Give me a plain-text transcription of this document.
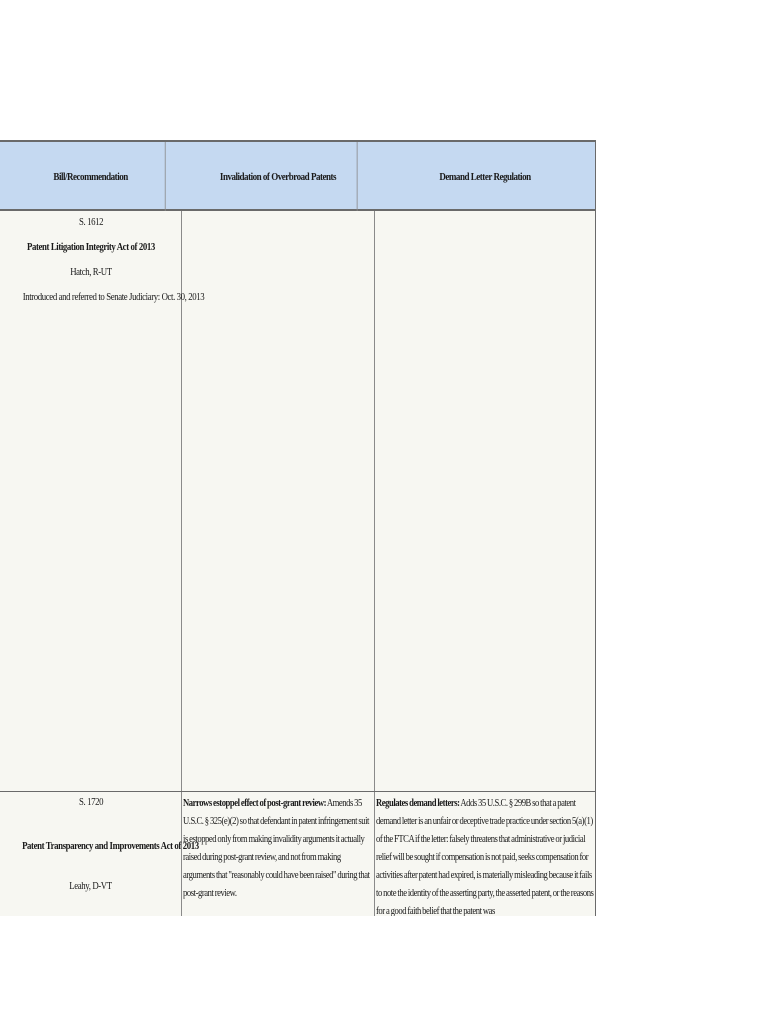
Bill/Recommendation	Invalidation of Overbroad Patents	Demand Letter Regulation
S. 1612
Patent Litigation Integrity Act of 2013
Hatch, R-UT
Introduced and referred to Senate Judiciary: Oct. 30, 2013
S. 1720
Patent Transparency and Improvements Act of 2013
Leahy, D-VT
Narrows estoppel effect of post-grant review: Amends 35 U.S.C. § 325(e)(2) so that defendant in patent infringement suit is estopped only from making invalidity arguments it actually raised during post-grant review, and not from making arguments that "reasonably could have been raised" during that post-grant review.
Regulates demand letters: Adds 35 U.S.C. § 299B so that a patent demand letter is an unfair or deceptive trade practice under section 5(a)(1) of the FTCA if the letter: falsely threatens that administrative or judicial relief will be sought if compensation is not paid, seeks compensation for activities after patent had expired, is materially misleading because it fails to note the identity of the asserting party, the asserted patent, or the reasons for a good faith belief that the patent was
